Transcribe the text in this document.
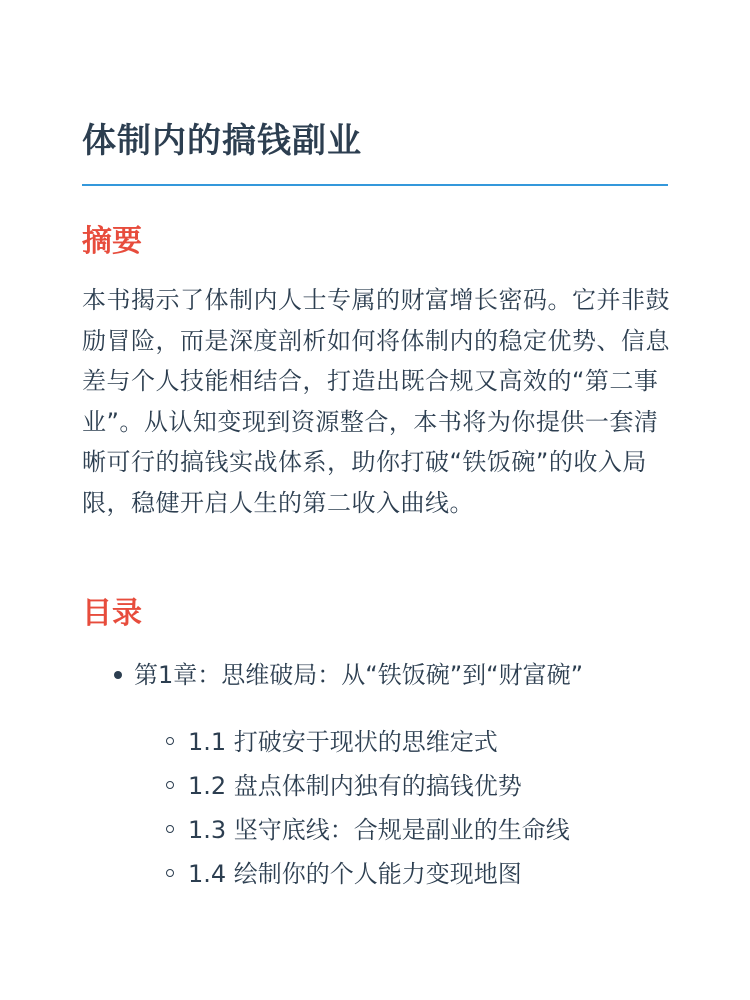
体制内的搞钱副业
摘要

本书揭示了体制内人士专属的财富增长密码。它并非鼓励冒险，而是深度剖析如何将体制内的稳定优势、信息差与个人技能相结合，打造出既合规又高效的“第二事业”。从认知变现到资源整合，本书将为你提供一套清晰可行的搞钱实战体系，助你打破“铁饭碗”的收入局限，稳健开启人生的第二收入曲线。

目录
第1章：思维破局：从“铁饭碗”到“财富碗”
1.1 打破安于现状的思维定式
1.2 盘点体制内独有的搞钱优势
1.3 坚守底线：合规是副业的生命线
1.4 绘制你的个人能力变现地图
